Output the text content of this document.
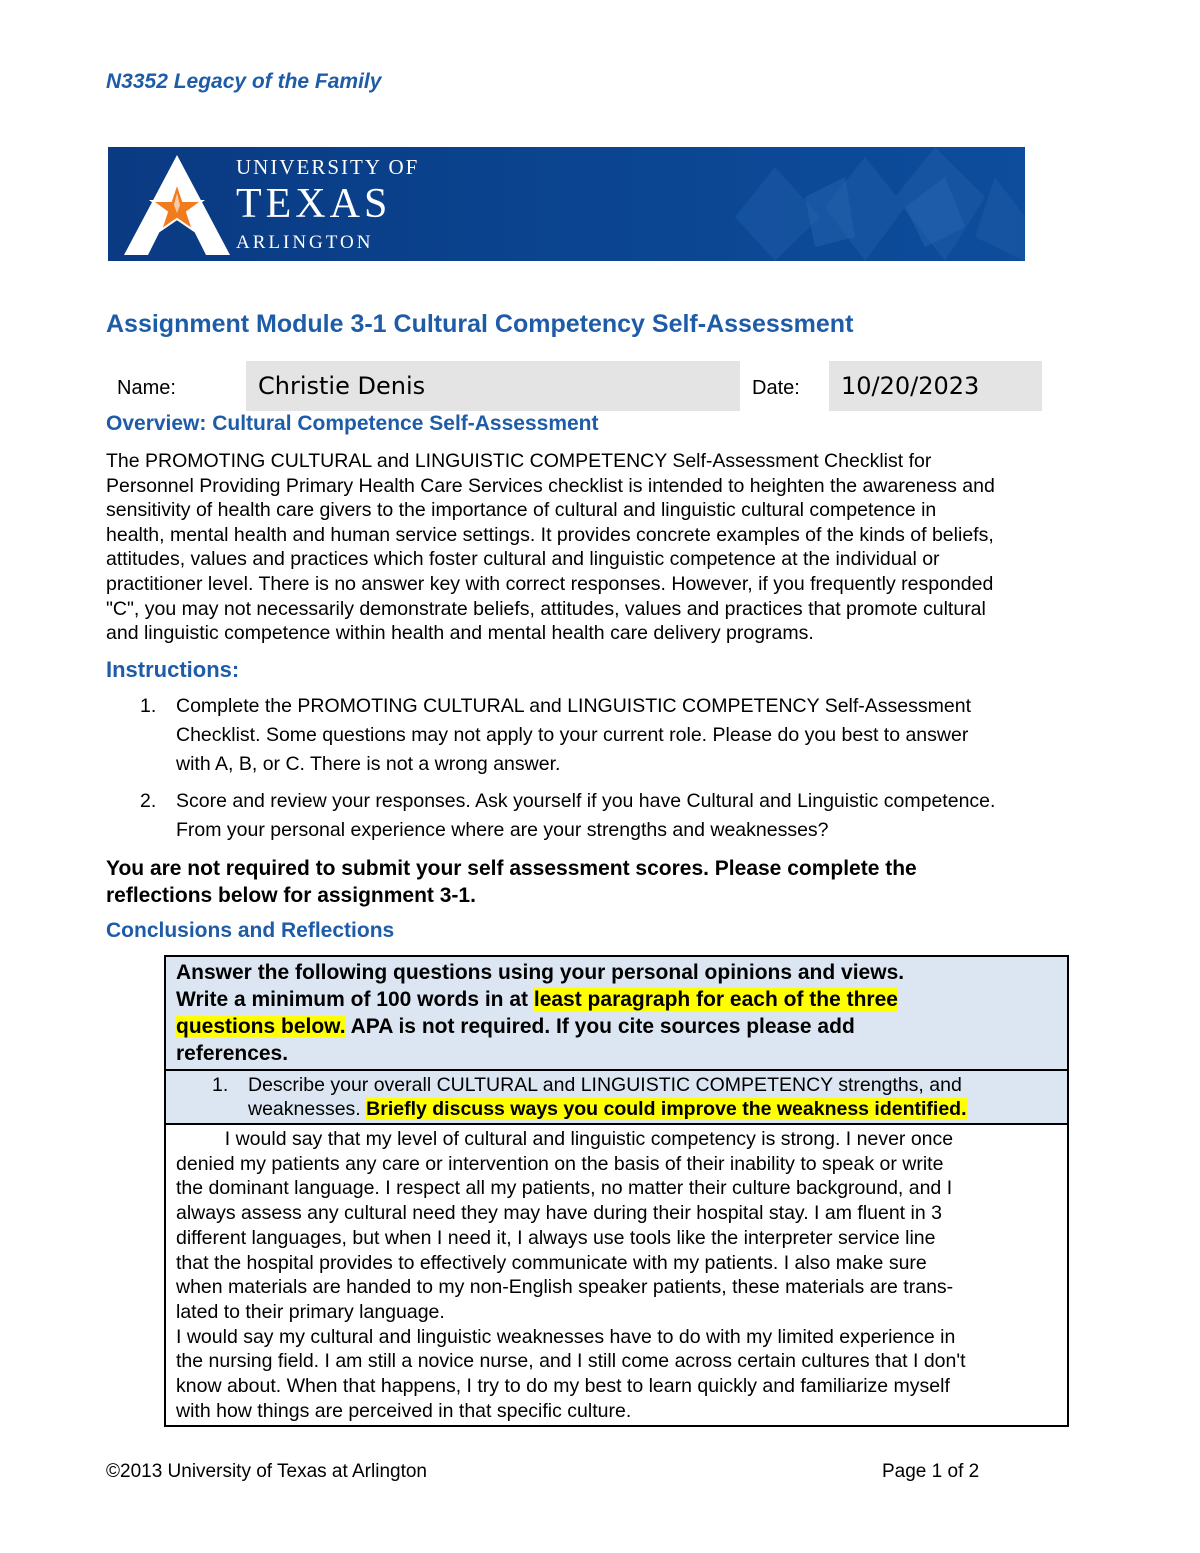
N3352 Legacy of the Family
UNIVERSITY OF
TEXAS
ARLINGTON
Assignment Module 3-1 Cultural Competency Self-Assessment
Name:	Christie Denis	Date:	10/20/2023
Overview: Cultural Competence Self-Assessment
The PROMOTING CULTURAL and LINGUISTIC COMPETENCY Self-Assessment Checklist for
Personnel Providing Primary Health Care Services checklist is intended to heighten the awareness and
sensitivity of health care givers to the importance of cultural and linguistic cultural competence in
health, mental health and human service settings. It provides concrete examples of the kinds of beliefs,
attitudes, values and practices which foster cultural and linguistic competence at the individual or
practitioner level. There is no answer key with correct responses. However, if you frequently responded
"C", you may not necessarily demonstrate beliefs, attitudes, values and practices that promote cultural
and linguistic competence within health and mental health care delivery programs.
Instructions:
1. Complete the PROMOTING CULTURAL and LINGUISTIC COMPETENCY Self-Assessment
Checklist. Some questions may not apply to your current role. Please do you best to answer
with A, B, or C. There is not a wrong answer.
2. Score and review your responses. Ask yourself if you have Cultural and Linguistic competence.
From your personal experience where are your strengths and weaknesses?
You are not required to submit your self assessment scores. Please complete the
reflections below for assignment 3-1.
Conclusions and Reflections
Answer the following questions using your personal opinions and views.
Write a minimum of 100 words in at least paragraph for each of the three
questions below. APA is not required. If you cite sources please add
references.
1.	Describe your overall CULTURAL and LINGUISTIC COMPETENCY strengths, and
weaknesses. Briefly discuss ways you could improve the weakness identified.
I would say that my level of cultural and linguistic competency is strong. I never once
denied my patients any care or intervention on the basis of their inability to speak or write
the dominant language. I respect all my patients, no matter their culture background, and I
always assess any cultural need they may have during their hospital stay. I am fluent in 3
different languages, but when I need it, I always use tools like the interpreter service line
that the hospital provides to effectively communicate with my patients. I also make sure
when materials are handed to my non-English speaker patients, these materials are trans-
lated to their primary language.
I would say my cultural and linguistic weaknesses have to do with my limited experience in
the nursing field. I am still a novice nurse, and I still come across certain cultures that I don't
know about. When that happens, I try to do my best to learn quickly and familiarize myself
with how things are perceived in that specific culture.
©2013 University of Texas at Arlington	Page 1 of 2
